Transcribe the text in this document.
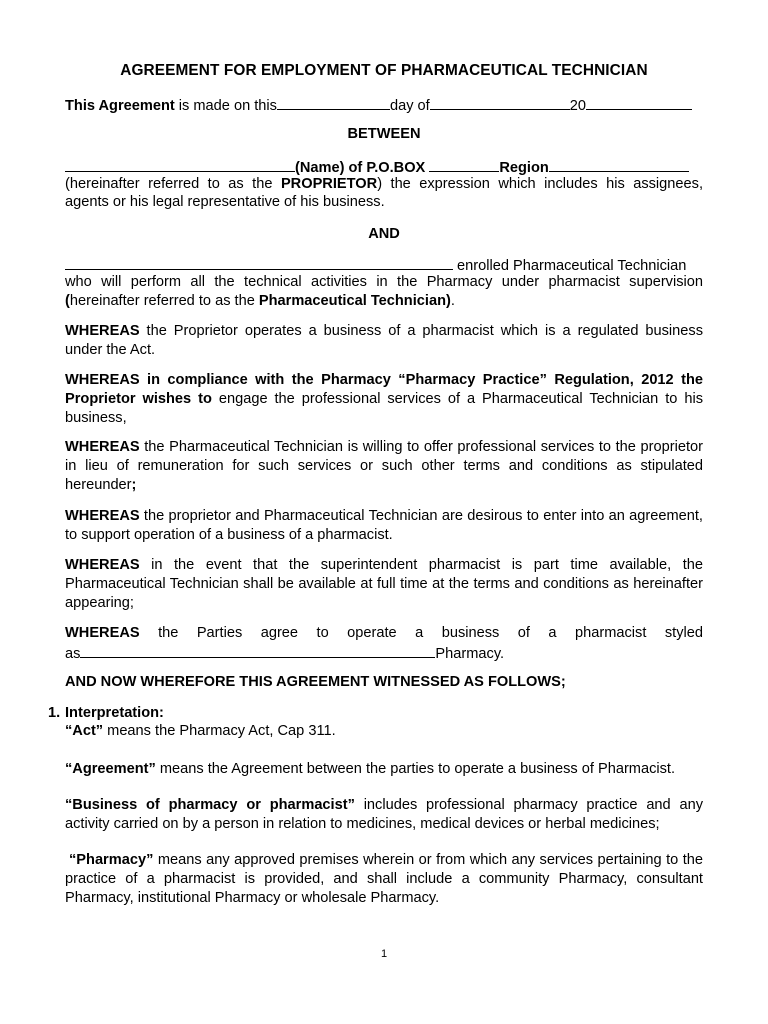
AGREEMENT FOR EMPLOYMENT OF PHARMACEUTICAL TECHNICIAN
This Agreement is made on this	day of	20
BETWEEN
(Name) of P.O.BOX	Region
(hereinafter referred to as the PROPRIETOR) the expression which includes his assignees,
agents or his legal representative of his business.
AND
enrolled Pharmaceutical Technician
who will perform all the technical activities in the Pharmacy under pharmacist supervision
(hereinafter referred to as the Pharmaceutical Technician).
WHEREAS the Proprietor operates a business of a pharmacist which is a regulated business under the Act.
WHEREAS in compliance with the Pharmacy “Pharmacy Practice” Regulation, 2012 the Proprietor wishes to engage the professional services of a Pharmaceutical Technician to his business,
WHEREAS the Pharmaceutical Technician is willing to offer professional services to the proprietor in lieu of remuneration for such services or such other terms and conditions as stipulated hereunder;
WHEREAS the proprietor and Pharmaceutical Technician are desirous to enter into an agreement, to support operation of a business of a pharmacist.
WHEREAS in the event that the superintendent pharmacist is part time available, the Pharmaceutical Technician shall be available at full time at the terms and conditions as hereinafter appearing;
WHEREAS the Parties agree to operate a business of a pharmacist styled
as	Pharmacy.
AND NOW WHEREFORE THIS AGREEMENT WITNESSED AS FOLLOWS;
1. Interpretation:
“Act” means the Pharmacy Act, Cap 311.
“Agreement” means the Agreement between the parties to operate a business of Pharmacist.
“Business of pharmacy or pharmacist” includes professional pharmacy practice and any activity carried on by a person in relation to medicines, medical devices or herbal medicines;
“Pharmacy” means any approved premises wherein or from which any services pertaining to the practice of a pharmacist is provided, and shall include a community Pharmacy, consultant Pharmacy, institutional Pharmacy or wholesale Pharmacy.
1
